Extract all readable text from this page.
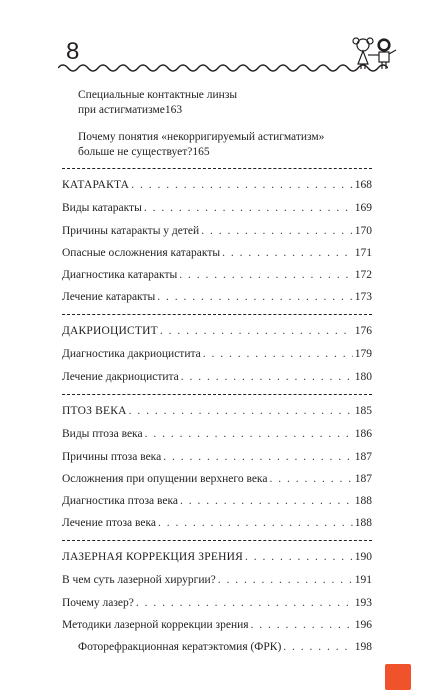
8
Специальные контактные линзы
при астигматизме 163
Почему понятия «некорригируемый астигматизм»
больше не существует? 165
КАТАРАКТА . . .	168
Виды катаракты . . .	169
Причины катаракты у детей . . .	170
Опасные осложнения катаракты . . .	171
Диагностика катаракты . . .	172
Лечение катаракты . . .	173
ДАКРИОЦИСТИТ . . .	176
Диагностика дакриоцистита . . .	179
Лечение дакриоцистита . . .	180
ПТОЗ ВЕКА . . .	185
Виды птоза века . . .	186
Причины птоза века . . .	187
Осложнения при опущении верхнего века . . .	187
Диагностика птоза века . . .	188
Лечение птоза века . . .	188
ЛАЗЕРНАЯ КОРРЕКЦИЯ ЗРЕНИЯ . . .	190
В чем суть лазерной хирургии? . . .	191
Почему лазер? . . .	193
Методики лазерной коррекции зрения . . .	196
Фоторефракционная кератэктомия (ФРК) . . .	198
